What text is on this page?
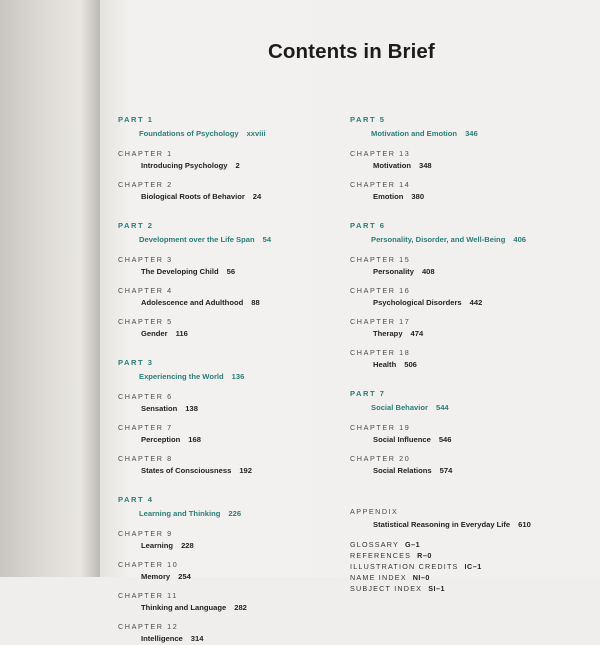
Contents in Brief
PART 1
Foundations of Psychology xxviii
CHAPTER 1
Introducing Psychology 2
CHAPTER 2
Biological Roots of Behavior 24
PART 2
Development over the Life Span 54
CHAPTER 3
The Developing Child 56
CHAPTER 4
Adolescence and Adulthood 88
CHAPTER 5
Gender 116
PART 3
Experiencing the World 136
CHAPTER 6
Sensation 138
CHAPTER 7
Perception 168
CHAPTER 8
States of Consciousness 192
PART 4
Learning and Thinking 226
CHAPTER 9
Learning 228
CHAPTER 10
Memory 254
CHAPTER 11
Thinking and Language 282
CHAPTER 12
Intelligence 314
PART 5
Motivation and Emotion 346
CHAPTER 13
Motivation 348
CHAPTER 14
Emotion 380
PART 6
Personality, Disorder, and Well-Being 406
CHAPTER 15
Personality 408
CHAPTER 16
Psychological Disorders 442
CHAPTER 17
Therapy 474
CHAPTER 18
Health 506
PART 7
Social Behavior 544
CHAPTER 19
Social Influence 546
CHAPTER 20
Social Relations 574
APPENDIX
Statistical Reasoning in Everyday Life 610
GLOSSARY G–1
REFERENCES R–0
ILLUSTRATION CREDITS IC–1
NAME INDEX NI–0
SUBJECT INDEX SI–1
